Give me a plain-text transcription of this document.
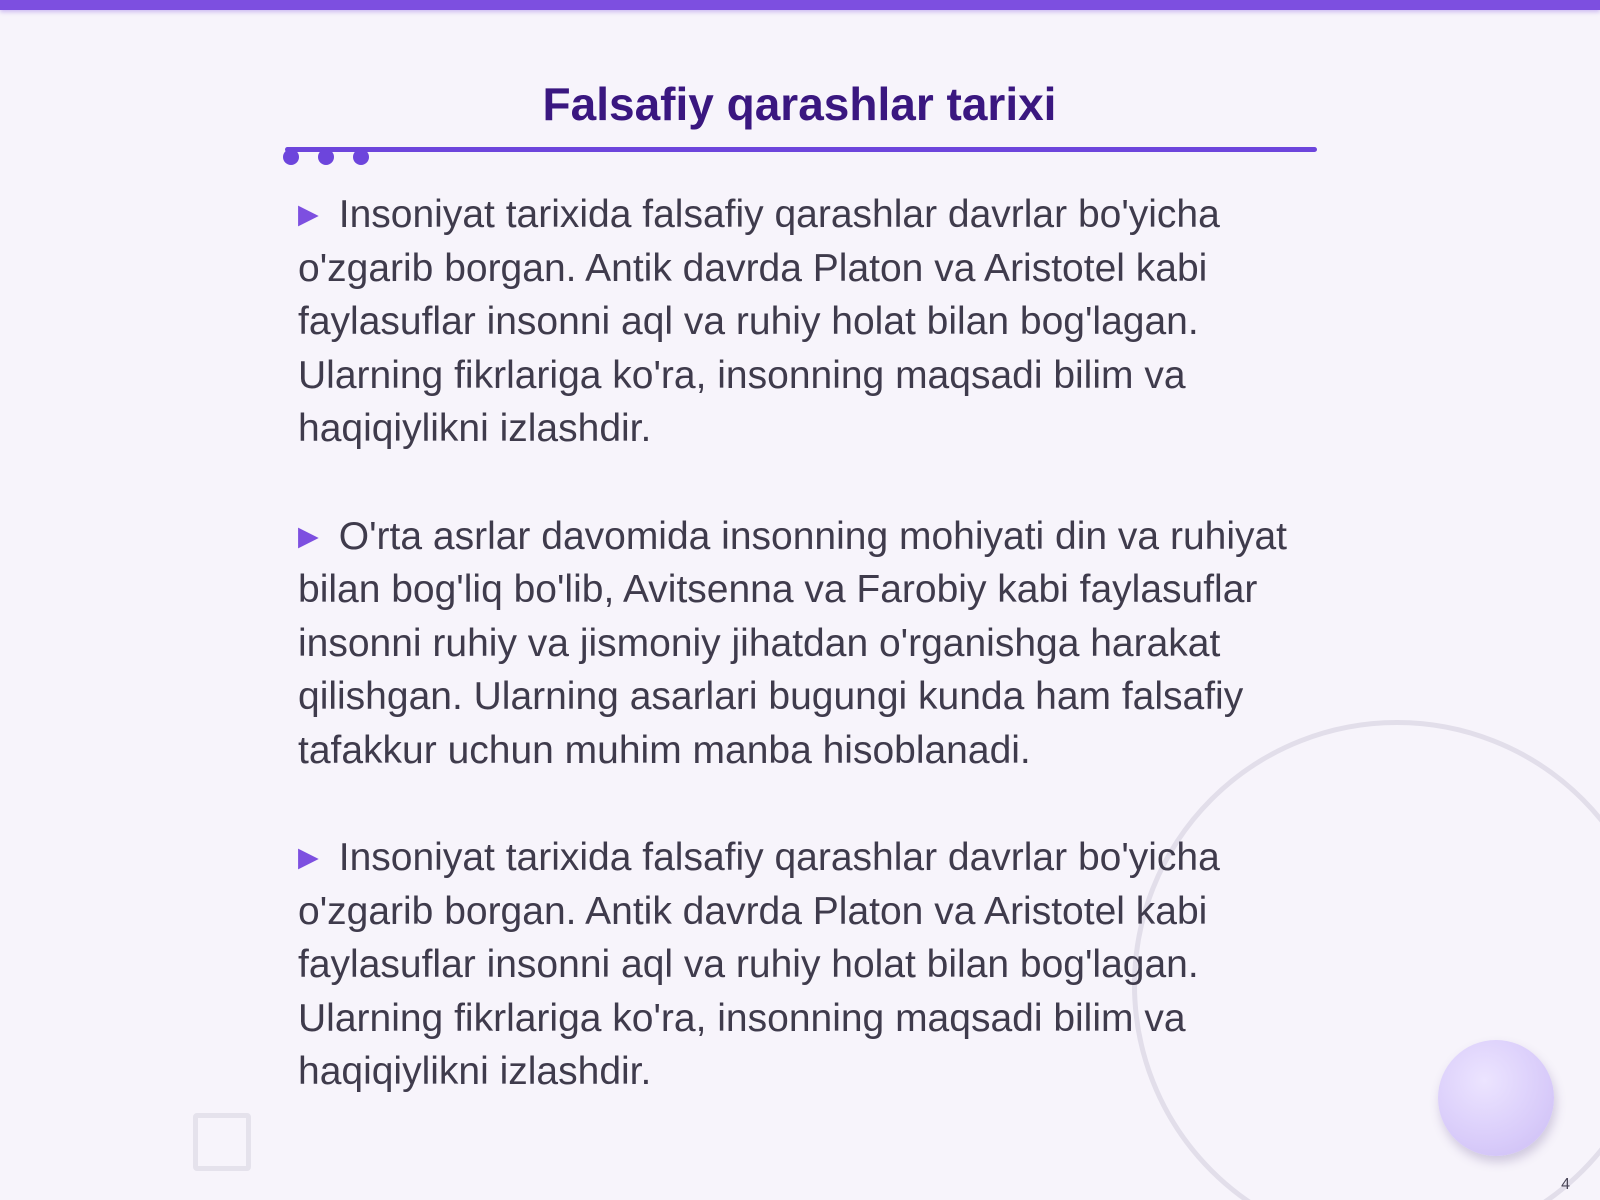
Falsafiy qarashlar tarixi

▶ Insoniyat tarixida falsafiy qarashlar davrlar bo'yicha o'zgarib borgan. Antik davrda Platon va Aristotel kabi faylasuflar insonni aql va ruhiy holat bilan bog'lagan. Ularning fikrlariga ko'ra, insonning maqsadi bilim va haqiqiylikni izlashdir.

▶ O'rta asrlar davomida insonning mohiyati din va ruhiyat bilan bog'liq bo'lib, Avitsenna va Farobiy kabi faylasuflar insonni ruhiy va jismoniy jihatdan o'rganishga harakat qilishgan. Ularning asarlari bugungi kunda ham falsafiy tafakkur uchun muhim manba hisoblanadi.

▶ Insoniyat tarixida falsafiy qarashlar davrlar bo'yicha o'zgarib borgan. Antik davrda Platon va Aristotel kabi faylasuflar insonni aql va ruhiy holat bilan bog'lagan. Ularning fikrlariga ko'ra, insonning maqsadi bilim va haqiqiylikni izlashdir.

4
